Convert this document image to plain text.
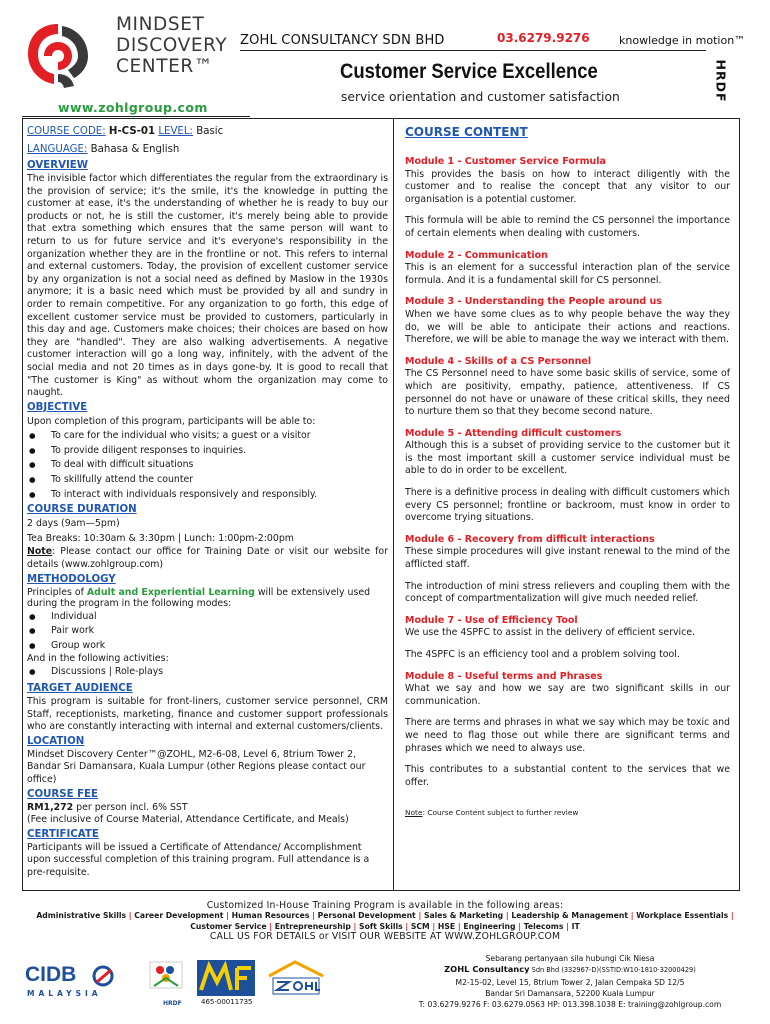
MINDSET
DISCOVERY
CENTER™
ZOHL CONSULTANCY SDN BHD	03.6279.9276	knowledge in motion™
Customer Service Excellence
service orientation and customer satisfaction	HRDF
www.zohlgroup.com
COURSE CODE: H-CS-01 LEVEL: Basic
LANGUAGE: Bahasa & English
OVERVIEW
The invisible factor which differentiates the regular from the extraordinary is the provision of service; it's the smile, it's the knowledge in putting the customer at ease, it's the understanding of whether he is ready to buy our products or not, he is still the customer, it's merely being able to provide that extra something which ensures that the same person will want to return to us for future service and it's everyone's responsibility in the organization whether they are in the frontline or not. This refers to internal and external customers. Today, the provision of excellent customer service by any organization is not a social need as defined by Maslow in the 1930s anymore; it is a basic need which must be provided by all and sundry in order to remain competitive. For any organization to go forth, this edge of excellent customer service must be provided to customers, particularly in this day and age. Customers make choices; their choices are based on how they are "handled". They are also walking advertisements. A negative customer interaction will go a long way, infinitely, with the advent of the social media and not 20 times as in days gone-by. It is good to recall that "The customer is King" as without whom the organization may come to naught.
OBJECTIVE
Upon completion of this program, participants will be able to:
● To care for the individual who visits; a guest or a visitor
● To provide diligent responses to inquiries.
● To deal with difficult situations
● To skillfully attend the counter
● To interact with individuals responsively and responsibly.
COURSE DURATION
2 days (9am—5pm)
Tea Breaks: 10:30am & 3:30pm | Lunch: 1:00pm-2:00pm
Note: Please contact our office for Training Date or visit our website for details (www.zohlgroup.com)
METHODOLOGY
Principles of Adult and Experiential Learning will be extensively used
during the program in the following modes:
● Individual
● Pair work
● Group work
And in the following activities:
● Discussions | Role-plays
TARGET AUDIENCE
This program is suitable for front-liners, customer service personnel, CRM Staff, receptionists, marketing, finance and customer support professionals who are constantly interacting with internal and external customers/clients.
LOCATION
Mindset Discovery Center™@ZOHL, M2-6-08, Level 6, 8trium Tower 2, Bandar Sri Damansara, Kuala Lumpur (other Regions please contact our office)
COURSE FEE
RM1,272 per person incl. 6% SST
(Fee inclusive of Course Material, Attendance Certificate, and Meals)
CERTIFICATE
Participants will be issued a Certificate of Attendance/ Accomplishment upon successful completion of this training program. Full attendance is a pre-requisite.
COURSE CONTENT
Module 1 - Customer Service Formula
This provides the basis on how to interact diligently with the customer and to realise the concept that any visitor to our organisation is a potential customer.
This formula will be able to remind the CS personnel the importance of certain elements when dealing with customers.
Module 2 - Communication
This is an element for a successful interaction plan of the service formula. And it is a fundamental skill for CS personnel.
Module 3 - Understanding the People around us
When we have some clues as to why people behave the way they do, we will be able to anticipate their actions and reactions. Therefore, we will be able to manage the way we interact with them.
Module 4 - Skills of a CS Personnel
The CS Personnel need to have some basic skills of service, some of which are positivity, empathy, patience, attentiveness. If CS personnel do not have or unaware of these critical skills, they need to nurture them so that they become second nature.
Module 5 - Attending difficult customers
Although this is a subset of providing service to the customer but it is the most important skill a customer service individual must be able to do in order to be excellent.
There is a definitive process in dealing with difficult customers which every CS personnel; frontline or backroom, must know in order to overcome trying situations.
Module 6 - Recovery from difficult interactions
These simple procedures will give instant renewal to the mind of the afflicted staff.
The introduction of mini stress relievers and coupling them with the concept of compartmentalization will give much needed relief.
Module 7 - Use of Efficiency Tool
We use the 4SPFC to assist in the delivery of efficient service.
The 4SPFC is an efficiency tool and a problem solving tool.
Module 8 - Useful terms and Phrases
What we say and how we say are two significant skills in our communication.
There are terms and phrases in what we say which may be toxic and we need to flag those out while there are significant terms and phrases which we need to always use.
This contributes to a substantial content to the services that we offer.
Note: Course Content subject to further review
Customized In-House Training Program is available in the following areas:
Administrative Skills | Career Development | Human Resources | Personal Development | Sales & Marketing | Leadership & Management | Workplace Essentials |
Customer Service | Entrepreneurship | Soft Skills | SCM | HSE | Engineering | Telecoms | IT
CALL US FOR DETAILS or VISIT OUR WEBSITE AT WWW.ZOHLGROUP.COM
CIDB
MALAYSIA
HRDF	465-00011735
Sebarang pertanyaan sila hubungi Cik Niesa
ZOHL Consultancy Sdn Bhd (332967-D)(SSTID:W10-1810-32000429)
M2-15-02, Level 15, 8trium Tower 2, Jalan Cempaka SD 12/5
Bandar Sri Damansara, 52200 Kuala Lumpur
T: 03.6279.9276 F: 03.6279.0563 HP: 013.398.1038 E: training@zohlgroup.com
